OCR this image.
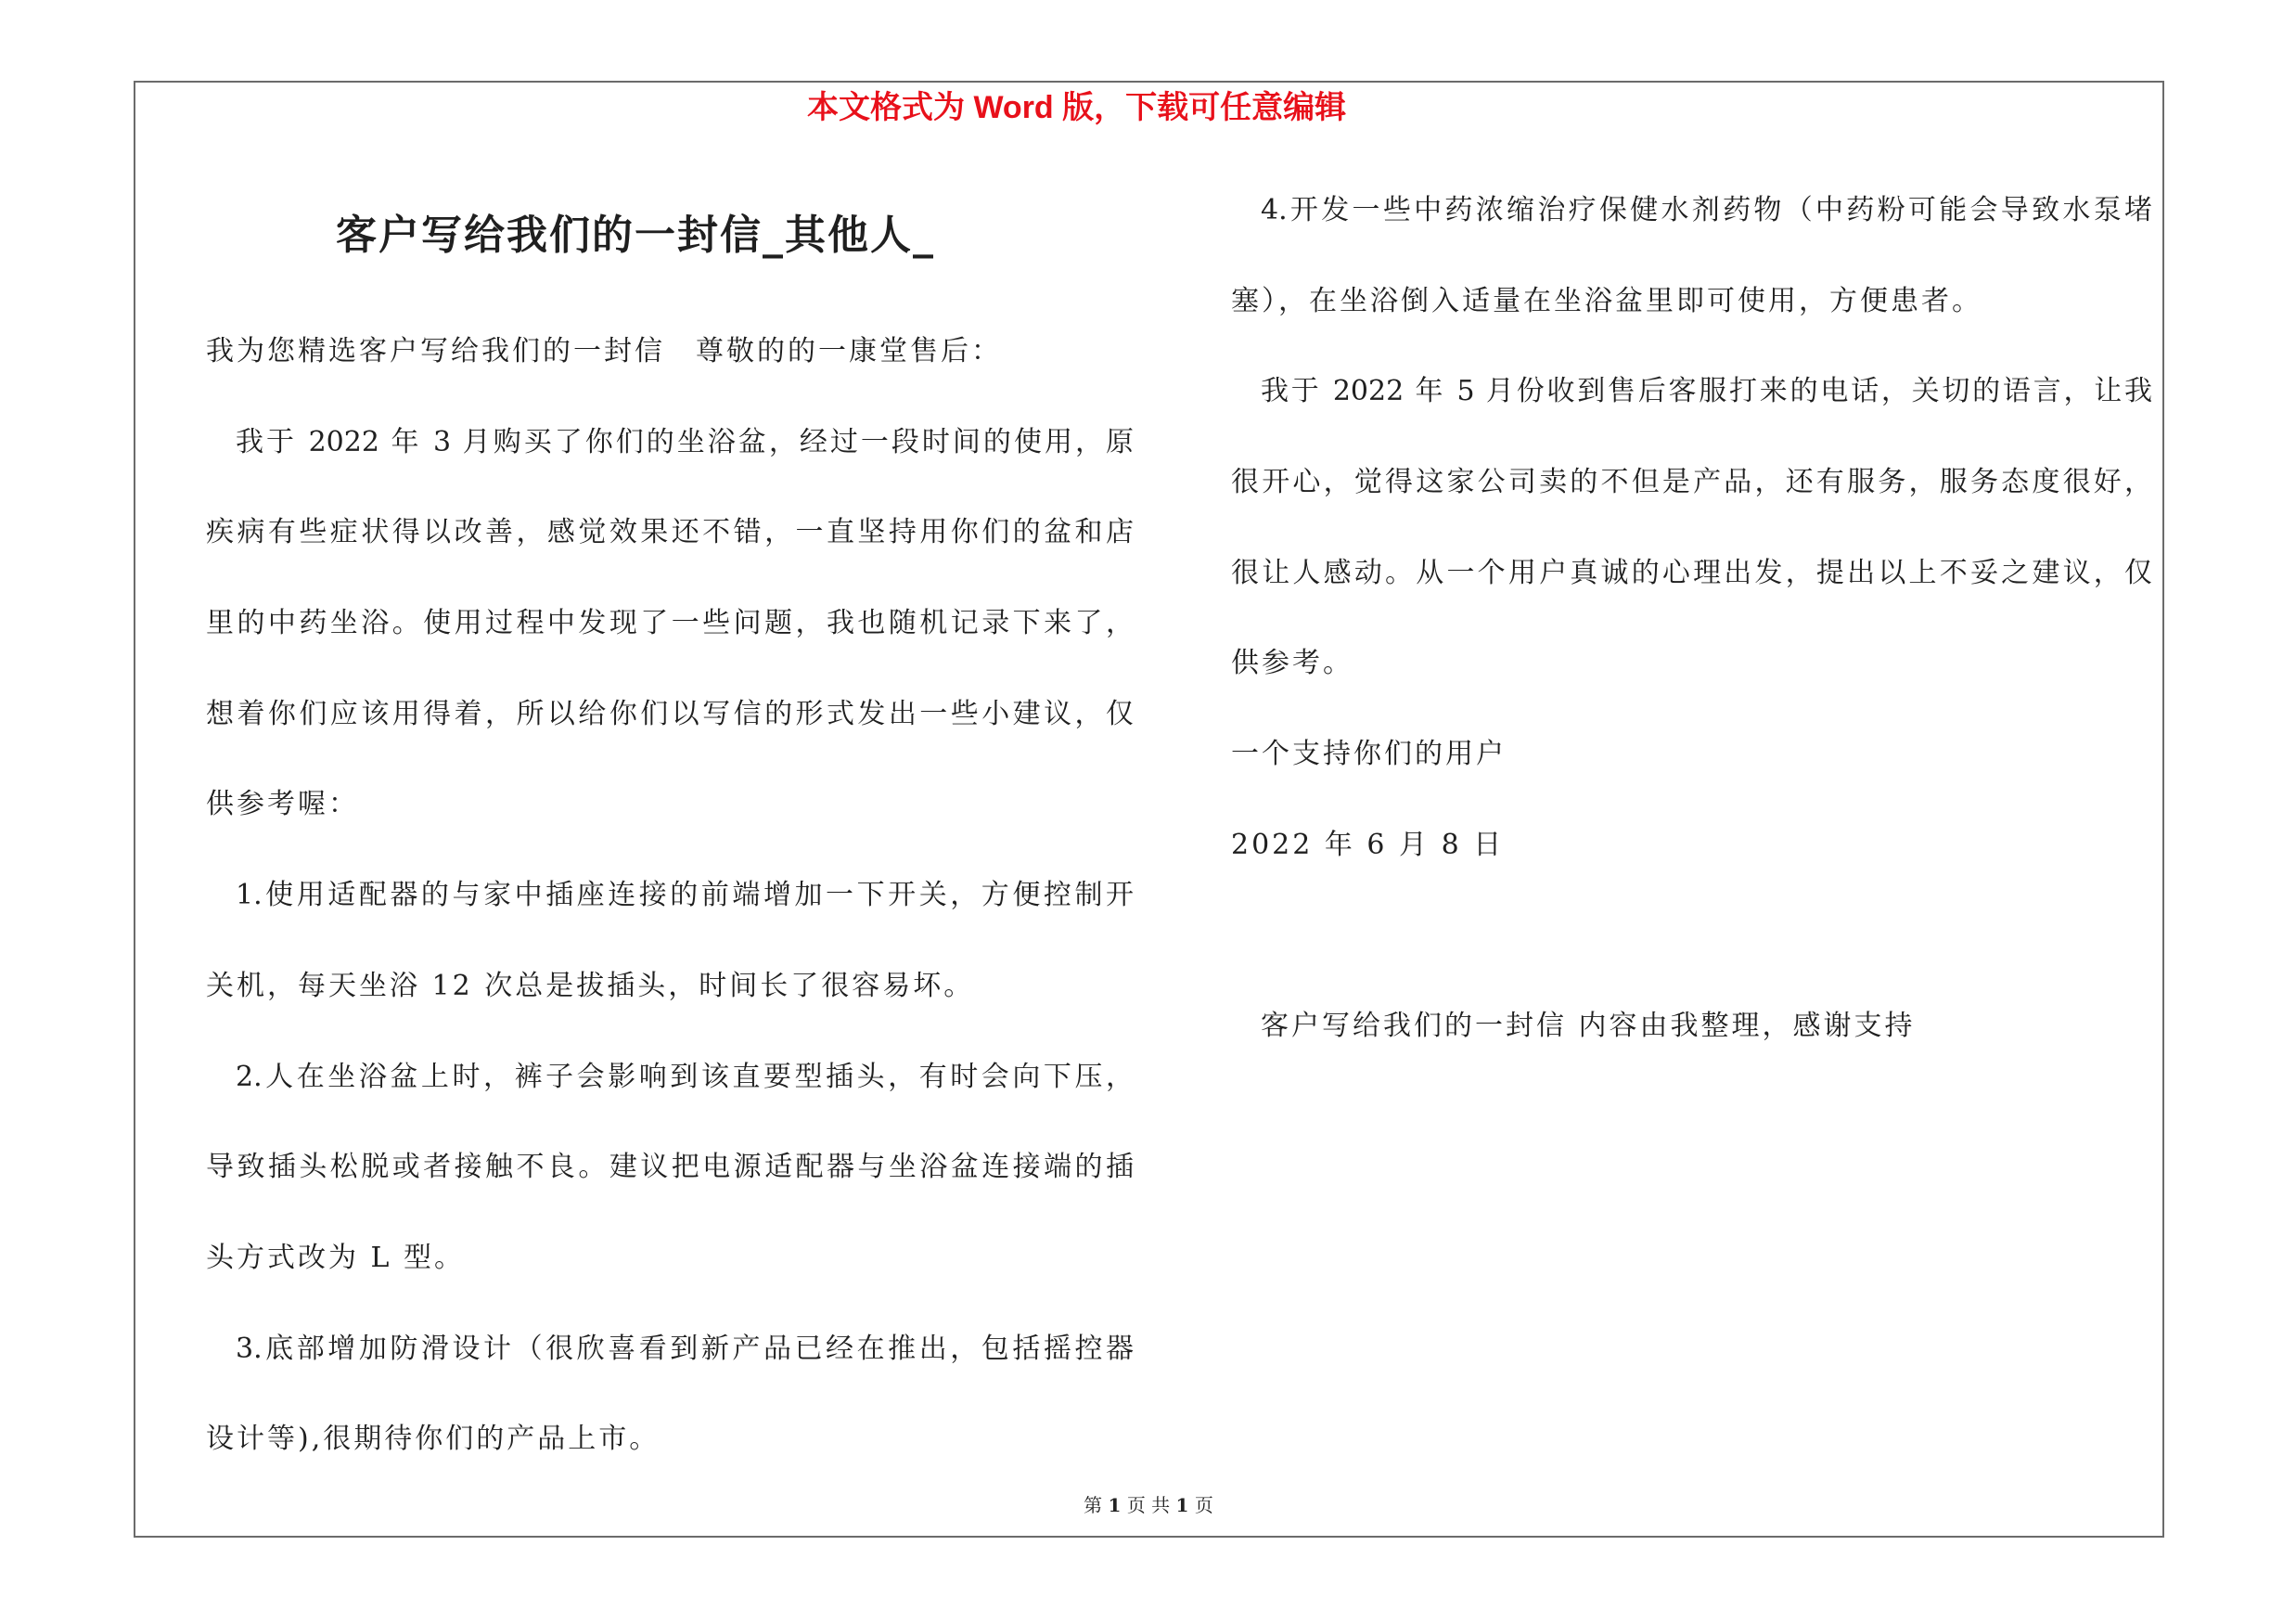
本文格式为 Word 版，下载可任意编辑
客户写给我们的一封信_其他人_
我为您精选客户写给我们的一封信　尊敬的的一康堂售后：
我于 2022 年 3 月购买了你们的坐浴盆，经过一段时间的使用，原
疾病有些症状得以改善，感觉效果还不错，一直坚持用你们的盆和店
里的中药坐浴。使用过程中发现了一些问题，我也随机记录下来了，
想着你们应该用得着，所以给你们以写信的形式发出一些小建议，仅
供参考喔：
1.使用适配器的与家中插座连接的前端增加一下开关，方便控制开
关机，每天坐浴 12 次总是拔插头，时间长了很容易坏。
2.人在坐浴盆上时，裤子会影响到该直要型插头，有时会向下压，
导致插头松脱或者接触不良。建议把电源适配器与坐浴盆连接端的插
头方式改为 L 型。
3.底部增加防滑设计（很欣喜看到新产品已经在推出，包括摇控器
设计等),很期待你们的产品上市。
4.开发一些中药浓缩治疗保健水剂药物（中药粉可能会导致水泵堵
塞），在坐浴倒入适量在坐浴盆里即可使用，方便患者。
我于 2022 年 5 月份收到售后客服打来的电话，关切的语言，让我
很开心，觉得这家公司卖的不但是产品，还有服务，服务态度很好，
很让人感动。从一个用户真诚的心理出发，提出以上不妥之建议，仅
供参考。
一个支持你们的用户
2022 年 6 月 8 日
客户写给我们的一封信 内容由我整理，感谢支持
第 1 页 共 1 页
